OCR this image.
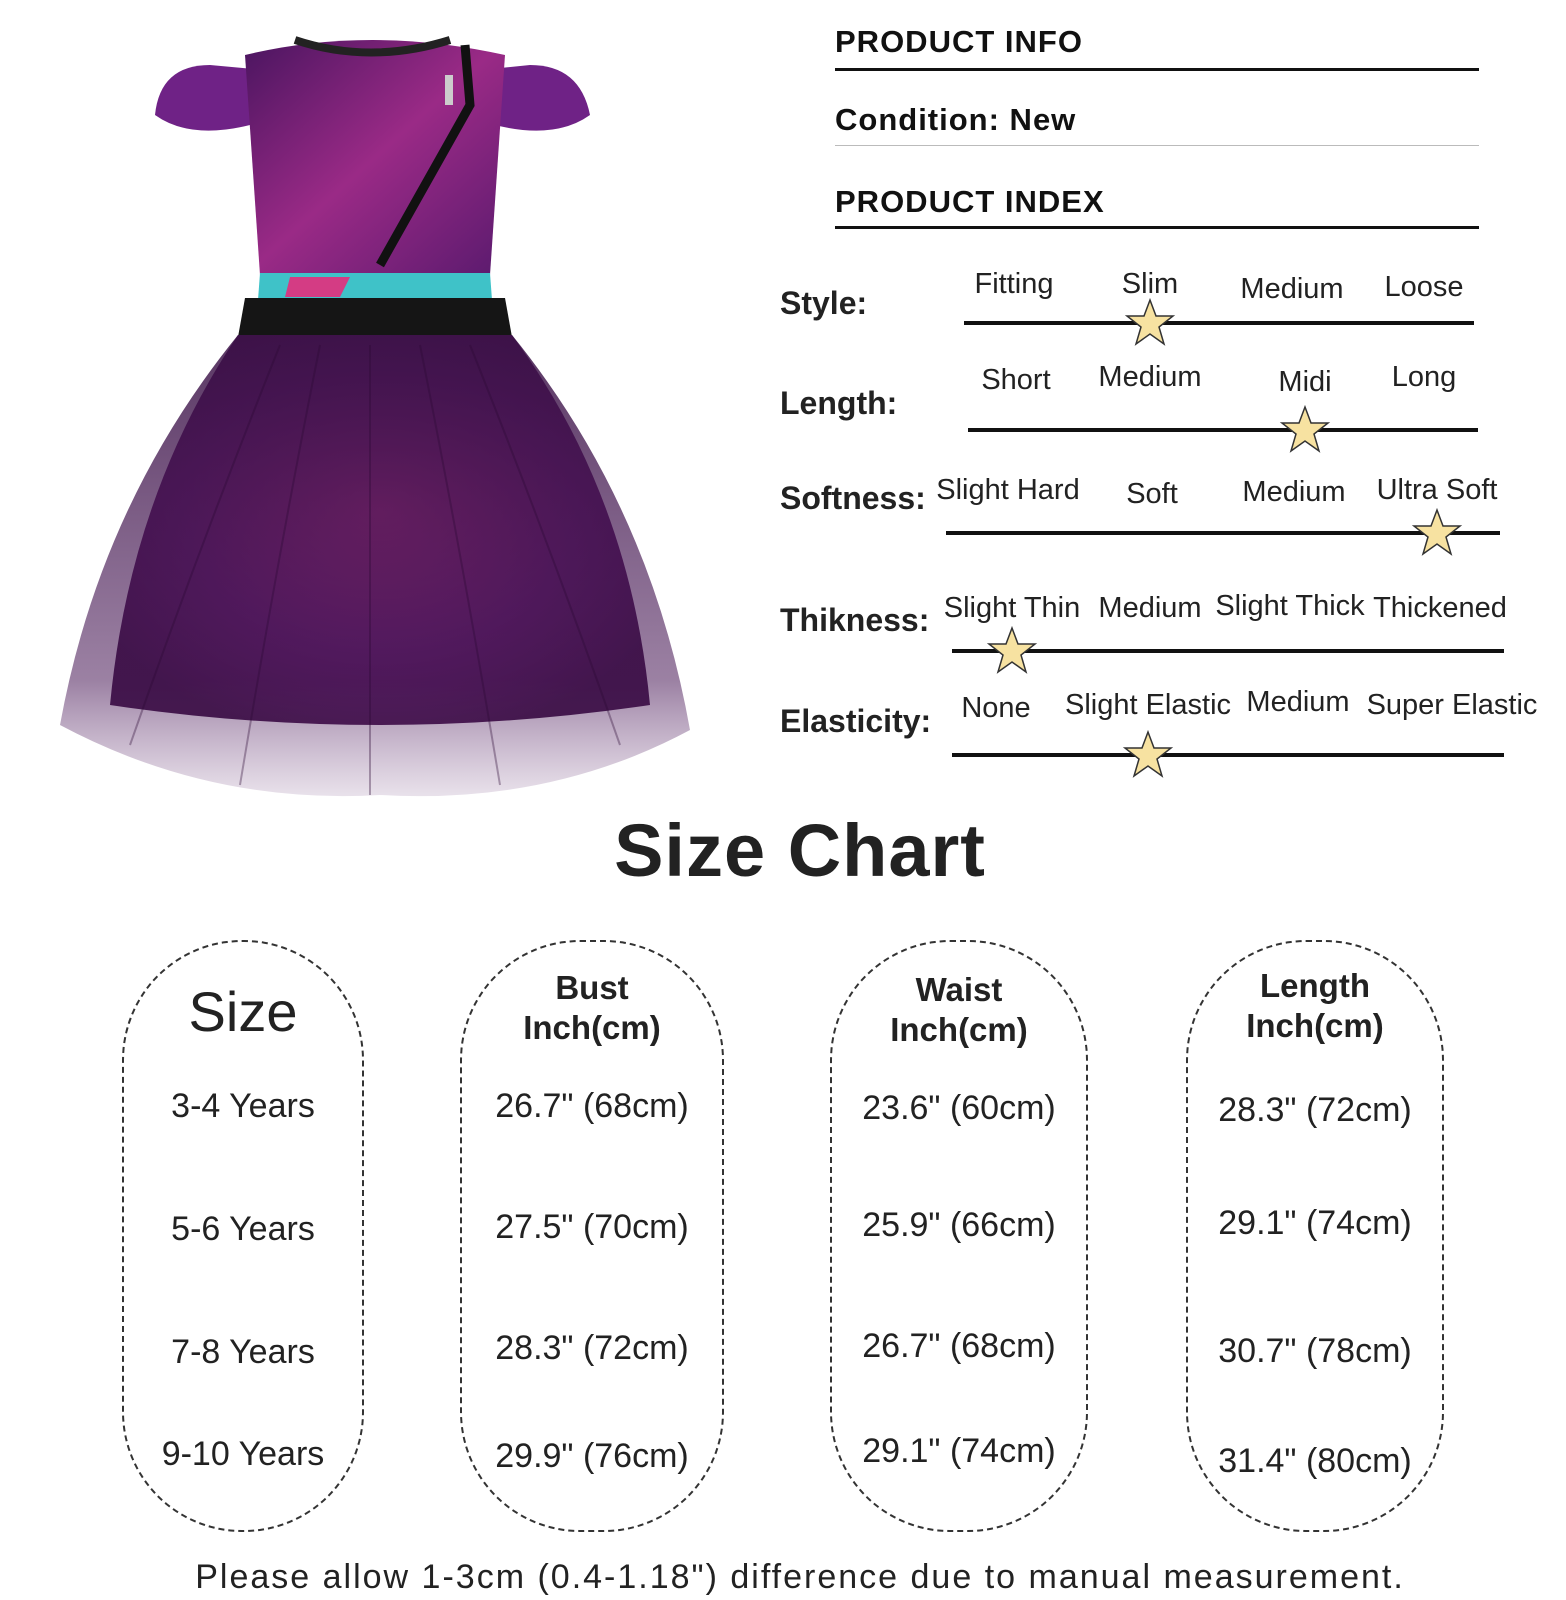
PRODUCT INFO
Condition: New
PRODUCT INDEX
Style:
Fitting Slim Medium Loose
Length:
Short Medium	Midi Long
Softness: Slight Hard Soft Medium Ultra Soft
Thikness: Slight Thin Medium Slight Thick Thickened
Elasticity: None Slight Elastic Medium Super Elastic
Size Chart
Size
3-4 Years
5-6 Years
7-8 Years
9-10 Years
Bust
Inch(cm)
26.7" (68cm)
27.5" (70cm)
28.3" (72cm)
29.9" (76cm)
Waist
Inch(cm)
23.6" (60cm)
25.9" (66cm)
26.7" (68cm)
29.1" (74cm)
Length
Inch(cm)
28.3" (72cm)
29.1" (74cm)
30.7" (78cm)
31.4" (80cm)
Please allow 1-3cm (0.4-1.18") difference due to manual measurement.
